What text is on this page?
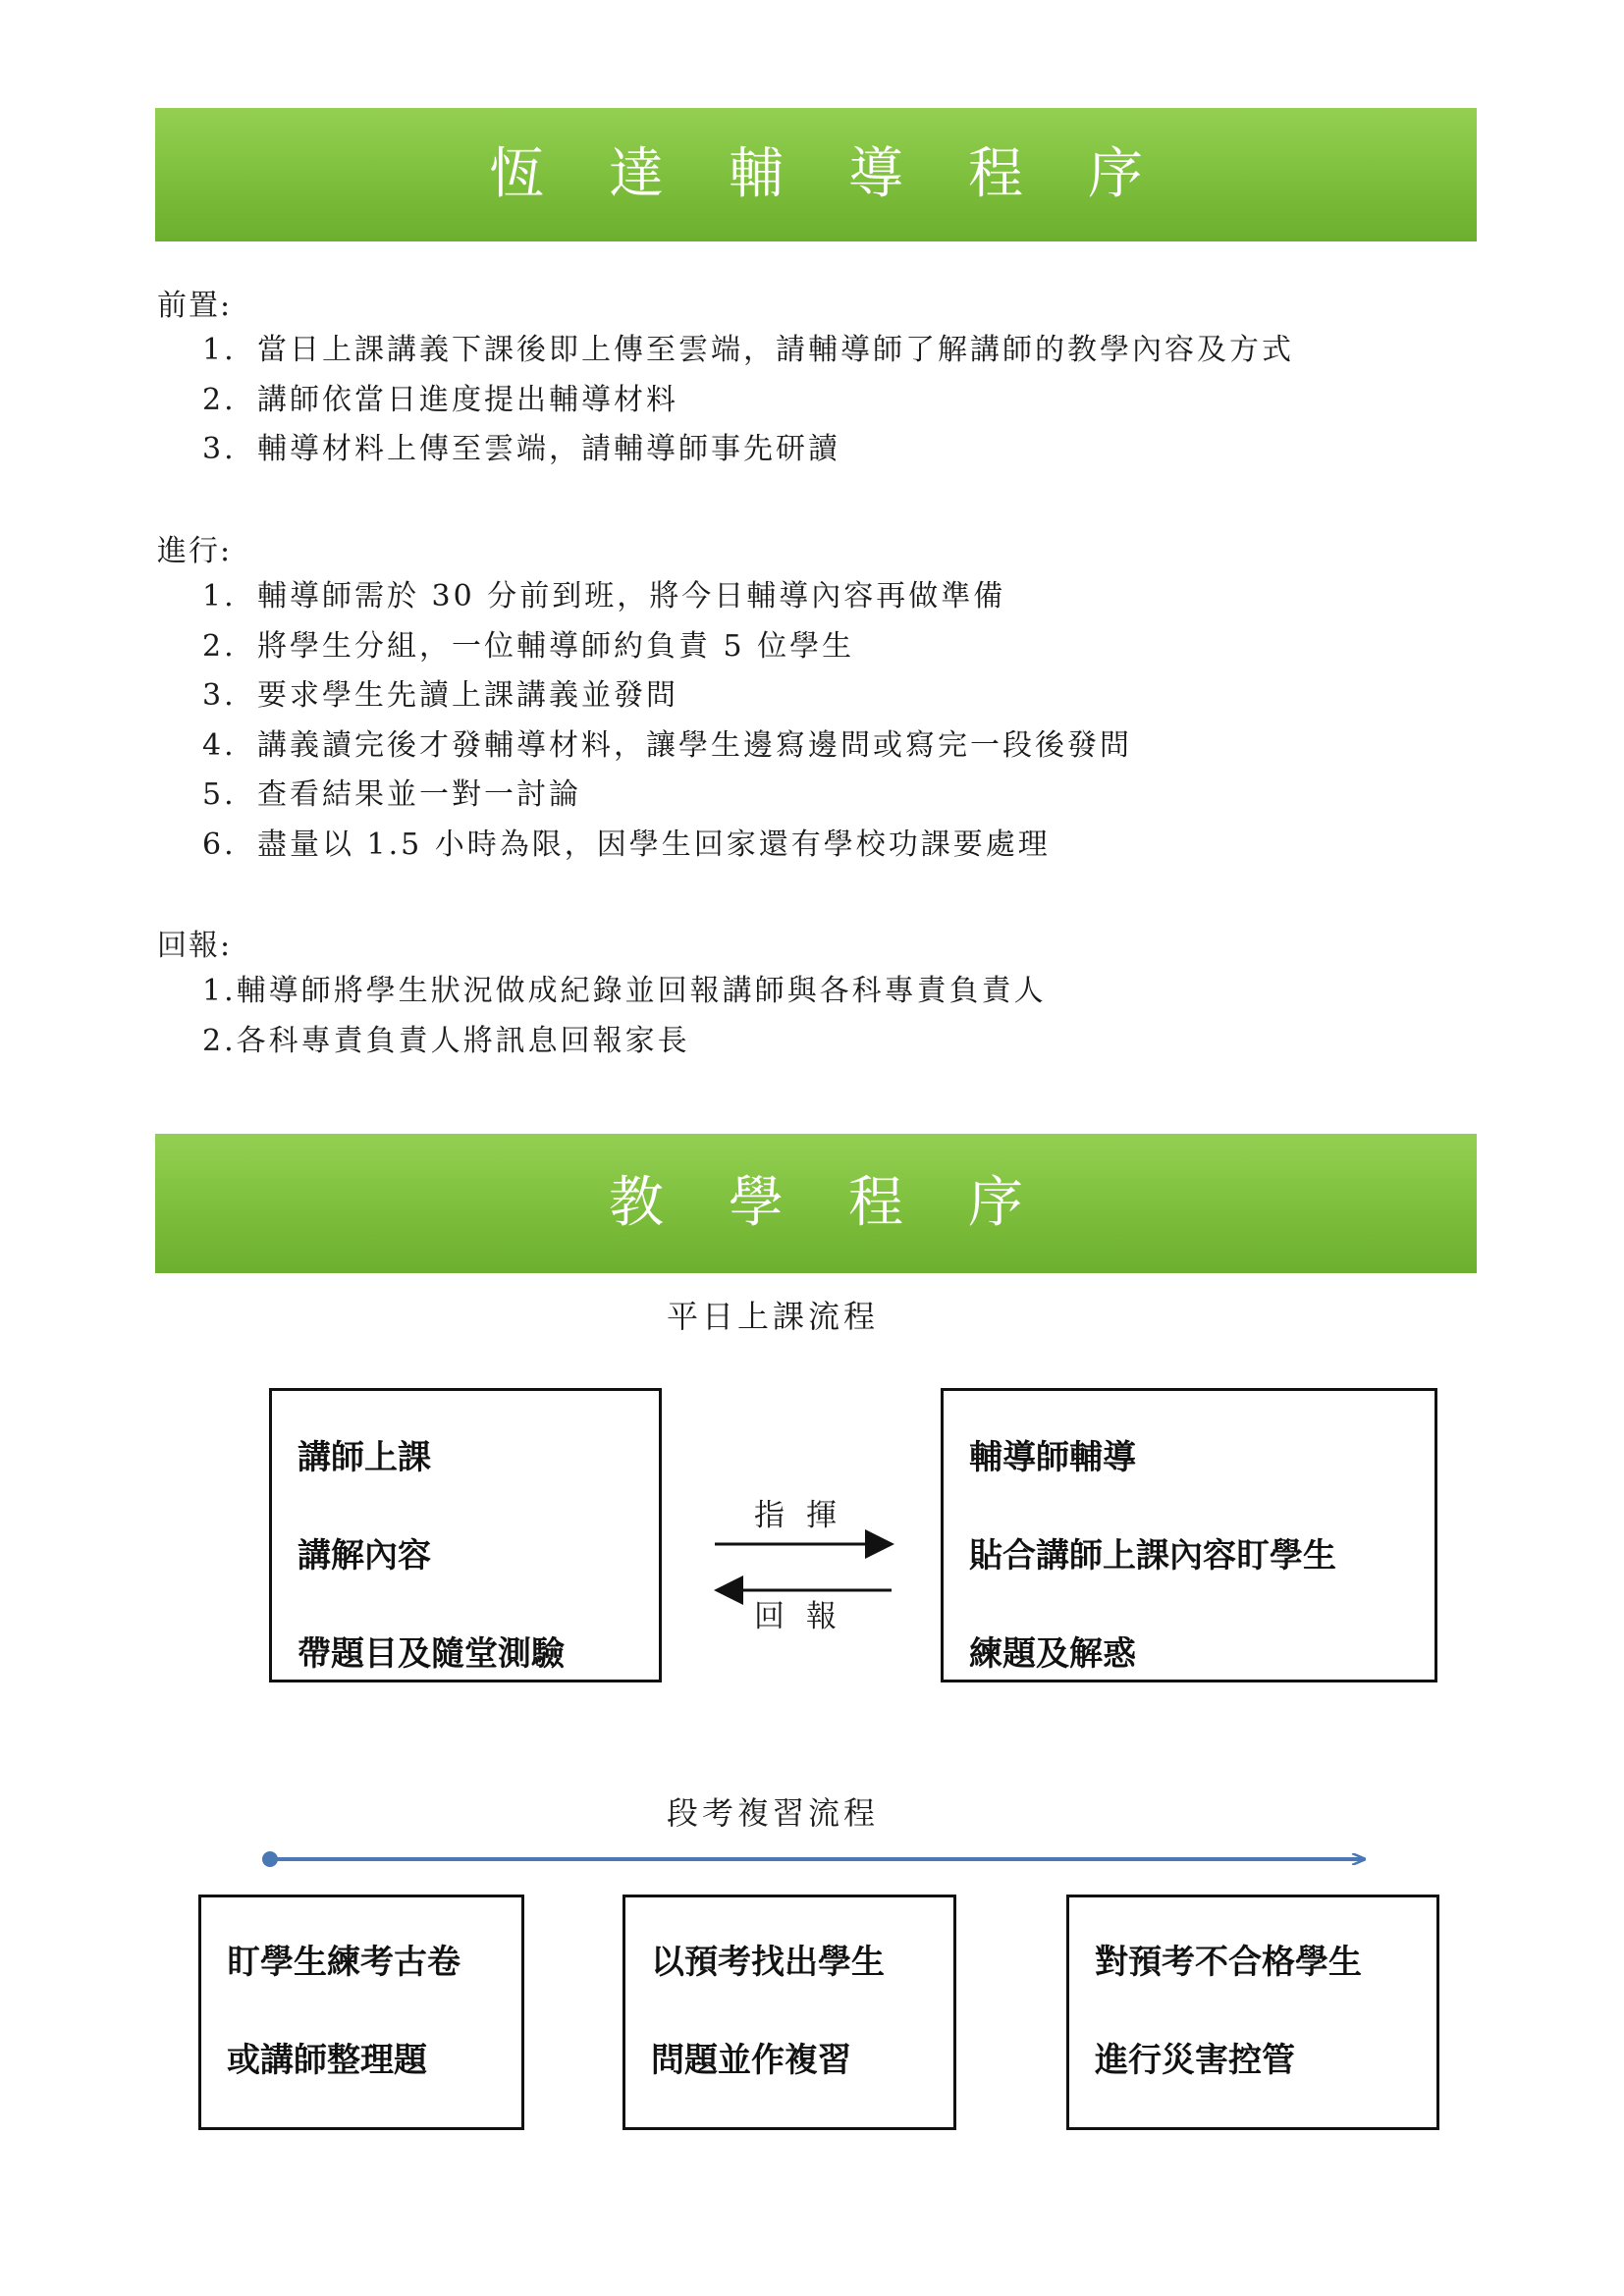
恆達輔導程序
前置:
1. 當日上課講義下課後即上傳至雲端，請輔導師了解講師的教學內容及方式
2. 講師依當日進度提出輔導材料
3. 輔導材料上傳至雲端，請輔導師事先研讀
進行:
1. 輔導師需於 30 分前到班，將今日輔導內容再做準備
2. 將學生分組，一位輔導師約負責 5 位學生
3. 要求學生先讀上課講義並發問
4. 講義讀完後才發輔導材料，讓學生邊寫邊問或寫完一段後發問
5. 查看結果並一對一討論
6. 盡量以 1.5 小時為限，因學生回家還有學校功課要處理
回報:
1.輔導師將學生狀況做成紀錄並回報講師與各科專責負責人
2.各科專責負責人將訊息回報家長
教學程序
平日上課流程
講師上課
講解內容
帶題目及隨堂測驗
輔導師輔導
貼合講師上課內容盯學生
練題及解惑
指揮
回報
段考複習流程
盯學生練考古卷
或講師整理題
以預考找出學生
問題並作複習
對預考不合格學生
進行災害控管
